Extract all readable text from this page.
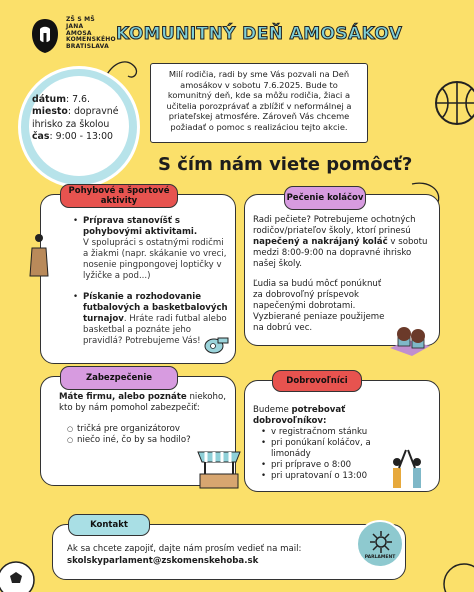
ZŠ S MŠ
JANA
AMOSA
KOMENSKÉHO
BRATISLAVA
KOMUNITNÝ DEŇ AMOSÁKOV
dátum: 7.6.
miesto: dopravné ihrisko za školou
čas: 9:00 - 13:00
Milí rodičia, radi by sme Vás pozvali na Deň amosákov v sobotu 7.6.2025. Bude to komunitný deň, kde sa môžu rodičia, žiaci a učitelia porozprávať a zblížiť v neformálnej a priateľskej atmosfére. Zároveň Vás chceme požiadať o pomoc s realizáciou tejto akcie.
S čím nám viete pomôcť?
• Príprava stanovíšť s pohybovými aktivitami.
V spolupráci s ostatnými rodičmi a žiakmi (napr. skákanie vo vreci, nosenie pingpongovej loptičky v lyžičke a pod...)
• Pískanie a rozhodovanie futbalových a basketbalových turnajov. Hráte radi futbal alebo basketbal a poznáte jeho pravidlá? Potrebujeme Vás!
Pohybové a športové aktivity
Radi pečiete? Potrebujeme ochotných rodičov/priateľov školy, ktorí prinesú napečený a nakrájaný koláč v sobotu medzi 8:00-9:00 na dopravné ihrisko našej školy.
Ľudia sa budú môcť ponúknuť za dobrovoľný príspevok napečenými dobrotami. Vyzbierané peniaze použijeme na dobrú vec.
Pečenie koláčov
Máte firmu, alebo poznáte niekoho, kto by nám pomohol zabezpečiť:
○ tričká pre organizátorov
○ niečo iné, čo by sa hodilo?
Zabezpečenie
Budeme potrebovať dobrovoľníkov:
• v registračnom stánku
• pri ponúkaní koláčov, a limonády
• pri príprave o 8:00
• pri upratovaní o 13:00
Dobrovoľníci
Ak sa chcete zapojiť, dajte nám prosím vedieť na mail:
skolskyparlament@zskomenskehoba.sk
Kontakt
PARLAMENT
